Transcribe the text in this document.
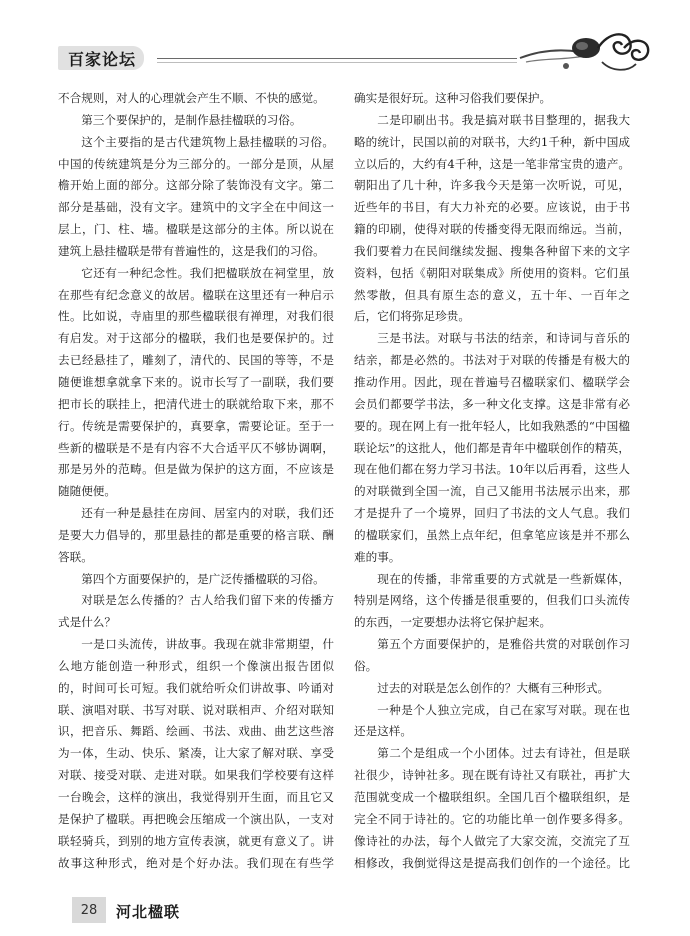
百家论坛

不合规则，对人的心理就会产生不顺、不快的感觉。

第三个要保护的，是制作悬挂楹联的习俗。

这个主要指的是古代建筑物上悬挂楹联的习俗。中国的传统建筑是分为三部分的。一部分是顶，从屋檐开始上面的部分。这部分除了装饰没有文字。第二部分是基础，没有文字。建筑中的文字全在中间这一层上，门、柱、墙。楹联是这部分的主体。所以说在建筑上悬挂楹联是带有普遍性的，这是我们的习俗。

它还有一种纪念性。我们把楹联放在祠堂里，放在那些有纪念意义的故居。楹联在这里还有一种启示性。比如说，寺庙里的那些楹联很有禅理，对我们很有启发。对于这部分的楹联，我们也是要保护的。过去已经悬挂了，雕刻了，清代的、民国的等等，不是随便谁想拿就拿下来的。说市长写了一副联，我们要把市长的联挂上，把清代进士的联就给取下来，那不行。传统是需要保护的，真要拿，需要论证。至于一些新的楹联是不是有内容不大合适平仄不够协调啊，那是另外的范畴。但是做为保护的这方面，不应该是随随便便。

还有一种是悬挂在房间、居室内的对联，我们还是要大力倡导的，那里悬挂的都是重要的格言联、酬答联。

第四个方面要保护的，是广泛传播楹联的习俗。

对联是怎么传播的？古人给我们留下来的传播方式是什么？

一是口头流传，讲故事。我现在就非常期望，什么地方能创造一种形式，组织一个像演出报告团似的，时间可长可短。我们就给听众们讲故事、吟诵对联、演唱对联、书写对联、说对联相声、介绍对联知识，把音乐、舞蹈、绘画、书法、戏曲、曲艺这些溶为一体，生动、快乐、紧凑，让大家了解对联、享受对联、接受对联、走进对联。如果我们学校要有这样一台晚会，这样的演出，我觉得别开生面，而且它又是保护了楹联。再把晚会压缩成一个演出队，一支对联轻骑兵，到别的地方宣传表演，就更有意义了。讲故事这种形式，绝对是个好办法。我们现在有些学

确实是很好玩。这种习俗我们要保护。

二是印刷出书。我是搞对联书目整理的，据我大略的统计，民国以前的对联书，大约1千种，新中国成立以后的，大约有4千种，这是一笔非常宝贵的遗产。朝阳出了几十种，许多我今天是第一次听说，可见，近些年的书目，有大力补充的必要。应该说，由于书籍的印刷，使得对联的传播变得无限而绵远。当前，我们要着力在民间继续发掘、搜集各种留下来的文字资料，包括《朝阳对联集成》所使用的资料。它们虽然零散，但具有原生态的意义，五十年、一百年之后，它们将弥足珍贵。

三是书法。对联与书法的结亲，和诗词与音乐的结亲，都是必然的。书法对于对联的传播是有极大的推动作用。因此，现在普遍号召楹联家们、楹联学会会员们都要学书法，多一种文化支撑。这是非常有必要的。现在网上有一批年轻人，比如我熟悉的“中国楹联论坛”的这批人，他们都是青年中楹联创作的精英，现在他们都在努力学习书法。10年以后再看，这些人的对联微到全国一流，自己又能用书法展示出来，那才是提升了一个境界，回归了书法的文人气息。我们的楹联家们，虽然上点年纪，但拿笔应该是并不那么难的事。

现在的传播，非常重要的方式就是一些新媒体，特别是网络，这个传播是很重要的，但我们口头流传的东西，一定要想办法将它保护起来。

第五个方面要保护的，是雅俗共赏的对联创作习俗。

过去的对联是怎么创作的？大概有三种形式。

一种是个人独立完成，自己在家写对联。现在也还是这样。

第二个是组成一个小团体。过去有诗社，但是联社很少，诗钟社多。现在既有诗社又有联社，再扩大范围就变成一个楹联组织。全国几百个楹联组织，是完全不同于诗社的。它的功能比单一创作要多得多。像诗社的办法，每个人做完了大家交流，交流完了互相修改，我倒觉得这是提高我们创作的一个途径。比

28	河北楹联
